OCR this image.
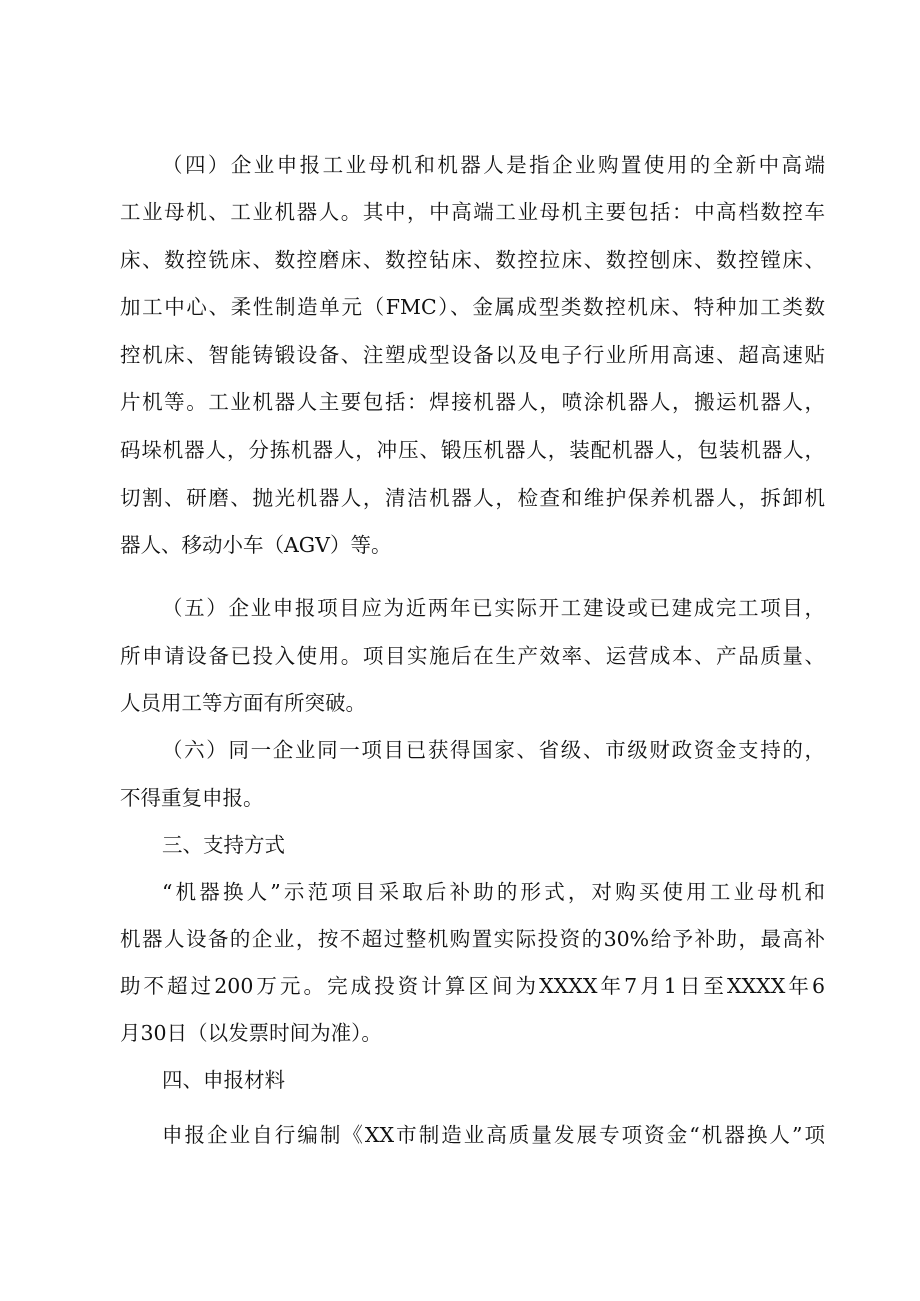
（四）企业申报工业母机和机器人是指企业购置使用的全新中高端
工业母机、工业机器人。其中，中高端工业母机主要包括：中高档数控车
床、数控铣床、数控磨床、数控钻床、数控拉床、数控刨床、数控镗床、
加工中心、柔性制造单元（FMC）、金属成型类数控机床、特种加工类数
控机床、智能铸锻设备、注塑成型设备以及电子行业所用高速、超高速贴
片机等。工业机器人主要包括：焊接机器人，喷涂机器人，搬运机器人，
码垛机器人，分拣机器人，冲压、锻压机器人，装配机器人，包装机器人，
切割、研磨、抛光机器人，清洁机器人，检查和维护保养机器人，拆卸机
器人、移动小车（AGV）等。
（五）企业申报项目应为近两年已实际开工建设或已建成完工项目，
所申请设备已投入使用。项目实施后在生产效率、运营成本、产品质量、
人员用工等方面有所突破。
（六）同一企业同一项目已获得国家、省级、市级财政资金支持的，
不得重复申报。
三、支持方式
“机器换人”示范项目采取后补助的形式，对购买使用工业母机和
机器人设备的企业，按不超过整机购置实际投资的30%给予补助，最高补
助不超过200万元。完成投资计算区间为XXXX年7月1日至XXXX年6
月30日（以发票时间为准）。
四、申报材料
申报企业自行编制《XX市制造业高质量发展专项资金“机器换人”项
